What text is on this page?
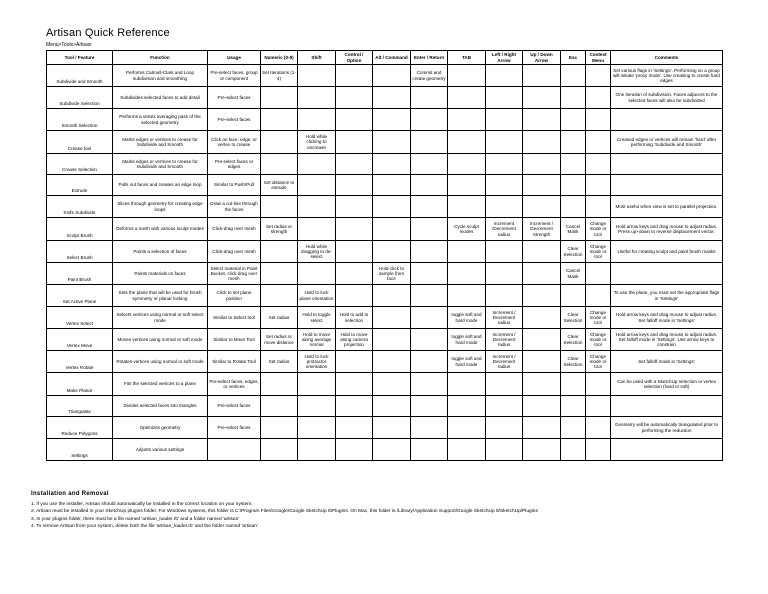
Artisan Quick Reference
Menu>Tools>Artisan
Tool / Feature	Function	Usage	Numeric (0-9)	Shift	Control / Option	Alt / Command	Enter / Return	TAB	Left / Right Arrow	Up / Down Arrow	Esc	Context Menu	Comments
Subdivide and Smooth	Performs Catmull-Clark and Loop subdivision and smoothing	Pre-select faces, group or component	Set Iterations (1-4)				Commit and create geometry						Set various flags in 'Settings'. Performing on a group will initiate 'proxy mode'. Use creasing to create hard edges
Subdivide Selection	Subdivides selected faces to add detail	Pre-select faces											One iteration of subdivision. Faces adjacent to the selected faces will also be subdivided
Smooth Selection	Performs a vertex averaging pass of the selected geometry	Pre-select faces											
Crease tool	Marks edges or vertices to crease for Subdivide and Smooth	Click on face, edge, or vertex to crease		Hold while clicking to uncrease									Creased edges or vertices will remain 'hard' after performing 'Subdivide and Smooth'
Crease Selection	Marks edges or vertices to crease for Subdivide and Smooth	Pre-select faces or edges											
Extrude	Pulls out faces and creates an edge loop	Similar to Push/Pull	Set distance to extrude										
Knife Subdivide	Slices through geometry for creating edge loops	Draw a cut-line through the faces											Most useful when view is set to parallel projection.
Sculpt Brush	Deforms a mesh with various sculpt modes	Click-drag over mesh	Set radius or strength					Cycle sculpt modes	Increment /Decrement radius	Increment / Decrement Strength	Cancel Mask	Change mode or tool	Hold arrow keys and drag mouse to adjust radius. Press up+down to reverse displacement vector.
Select Brush	Paints a selection of faces	Click-drag over mesh		Hold while dragging to de-select							Clear Selection	Change mode or tool	Useful for creating sculpt and paint brush masks
Paint Brush	Paints materials on faces	Select material in Paint Bucket, click-drag over mesh				Hold-click to sample from face					Cancel Mask		
Set Active Plane	Sets the plane that will be used for brush symmetry or planar locking	Click to set plane position		Hold to lock plane orientation									To use the plane, you must set the appropriate flags in 'Settings'
Vertex Select	Selects vertices using normal or soft select mode	Similar to Select tool	Set radius	Hold to toggle select	Hold to add to selection			toggle soft and hard mode	Increment / Decrement radius		Clear Selection	Change mode or tool	Hold arrow keys and drag mouse to adjust radius. Set falloff mode in 'Settings'
Vertex Move	Moves vertices using normal or soft mode	Similar to Move Tool	Set radius or move distance	Hold to move along average normal	Hold to move along camera projection			toggle soft and hard mode	Increment / Decrement radius		Clear Selection	Change mode or tool	Hold arrow keys and drag mouse to adjust radius. Set falloff mode in 'Settings'. Use arrow keys to constrain
Vertex Rotate	Rotates vertices using normal or soft mode	Similar to Rotate Tool	Set radius	Hold to lock protractor orientation				toggle soft and hard mode	Increment / Decrement radius		Clear Selection	Change mode or tool	Set falloff mode in 'Settings'
Make Planar	Fits the selected vertices to a plane	Pre-select faces, edges, or vertices											Can be used with a SketchUp selection or vertex selection (hard or soft)
Triangulate	Divides selected faces into triangles	Pre-select faces											
Reduce Polygons	Optimizes geometry	Pre-select faces											Geometry will be automatically triangulated prior to performing the reduction
Settings	Adjusts various settings												
Installation and Removal
1. If you use the installer, Artisan should automatically be installed in the correct location on your system.
2. Artisan must be installed in your SketchUp plugins folder. For Windows systems, this folder is C:\Program Files\Google\Google SketchUp 8\Plugins. On Mac, this folder is /Library/Application Support/Google SketchUp 8/SketchUp/Plugins
3. In your plugins folder, there must be a file named 'artisan_loader.rb' and a folder named 'artisan'
4. To remove Artisan from your system, delete both the file 'artisan_loader.rb' and the folder named 'artisan'
